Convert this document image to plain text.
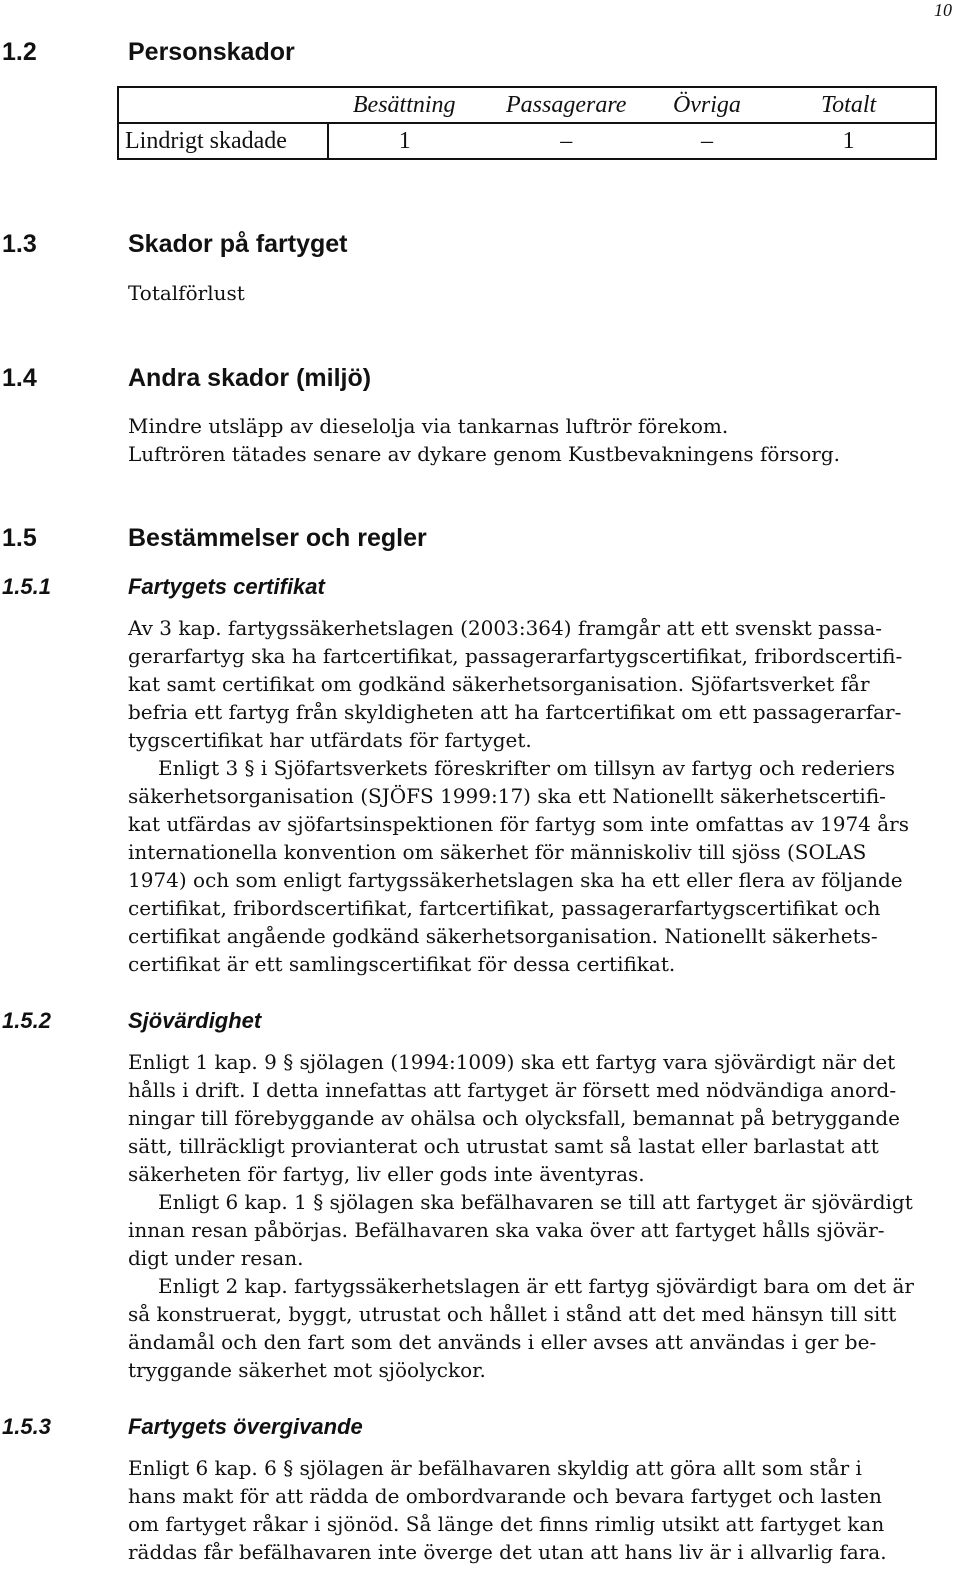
10
1.2	Personskador
	Besättning	Passagerare	Övriga	Totalt
Lindrigt skadade	1	–	–	1
1.3	Skador på fartyget
Totalförlust
1.4	Andra skador (miljö)
Mindre utsläpp av dieselolja via tankarnas luftrör förekom.
Luftrören tätades senare av dykare genom Kustbevakningens försorg.
1.5	Bestämmelser och regler
1.5.1	Fartygets certifikat
Av 3 kap. fartygssäkerhetslagen (2003:364) framgår att ett svenskt passa-
gerarfartyg ska ha fartcertifikat, passagerarfartygscertifikat, fribordscertifi-
kat samt certifikat om godkänd säkerhetsorganisation. Sjöfartsverket får
befria ett fartyg från skyldigheten att ha fartcertifikat om ett passagerarfar-
tygscertifikat har utfärdats för fartyget.
Enligt 3 § i Sjöfartsverkets föreskrifter om tillsyn av fartyg och rederiers
säkerhetsorganisation (SJÖFS 1999:17) ska ett Nationellt säkerhetscertifi-
kat utfärdas av sjöfartsinspektionen för fartyg som inte omfattas av 1974 års
internationella konvention om säkerhet för människoliv till sjöss (SOLAS
1974) och som enligt fartygssäkerhetslagen ska ha ett eller flera av följande
certifikat, fribordscertifikat, fartcertifikat, passagerarfartygscertifikat och
certifikat angående godkänd säkerhetsorganisation. Nationellt säkerhets-
certifikat är ett samlingscertifikat för dessa certifikat.
1.5.2	Sjövärdighet
Enligt 1 kap. 9 § sjölagen (1994:1009) ska ett fartyg vara sjövärdigt när det
hålls i drift. I detta innefattas att fartyget är försett med nödvändiga anord-
ningar till förebyggande av ohälsa och olycksfall, bemannat på betryggande
sätt, tillräckligt provianterat och utrustat samt så lastat eller barlastat att
säkerheten för fartyg, liv eller gods inte äventyras.
Enligt 6 kap. 1 § sjölagen ska befälhavaren se till att fartyget är sjövärdigt
innan resan påbörjas. Befälhavaren ska vaka över att fartyget hålls sjövär-
digt under resan.
Enligt 2 kap. fartygssäkerhetslagen är ett fartyg sjövärdigt bara om det är
så konstruerat, byggt, utrustat och hållet i stånd att det med hänsyn till sitt
ändamål och den fart som det används i eller avses att användas i ger be-
tryggande säkerhet mot sjöolyckor.
1.5.3	Fartygets övergivande
Enligt 6 kap. 6 § sjölagen är befälhavaren skyldig att göra allt som står i
hans makt för att rädda de ombordvarande och bevara fartyget och lasten
om fartyget råkar i sjönöd. Så länge det finns rimlig utsikt att fartyget kan
räddas får befälhavaren inte överge det utan att hans liv är i allvarlig fara.
